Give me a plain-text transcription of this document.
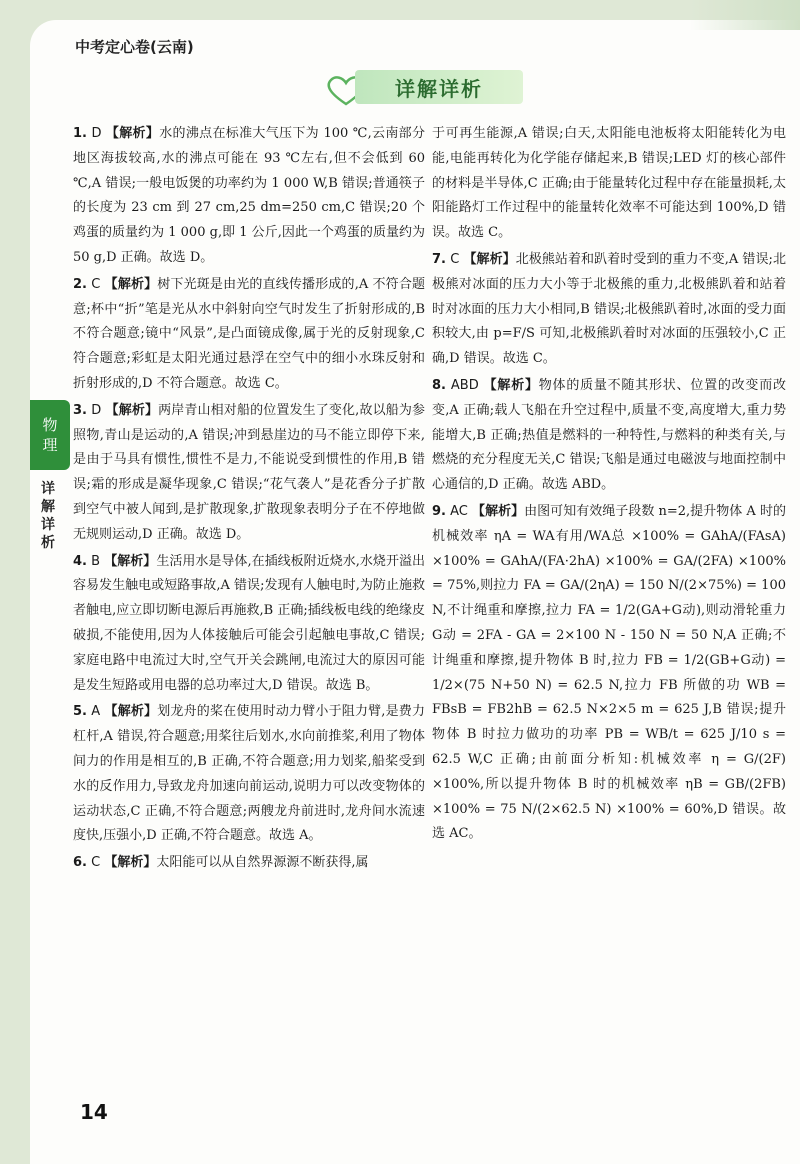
中考定心卷(云南)
详解详析
物
理
详解详析
1. D 【解析】水的沸点在标准大气压下为 100 ℃,云南部分地区海拔较高,水的沸点可能在 93 ℃左右,但不会低到 60 ℃,A 错误;一般电饭煲的功率约为 1 000 W,B 错误;普通筷子的长度为 23 cm 到 27 cm,25 dm=250 cm,C 错误;20 个鸡蛋的质量约为 1 000 g,即 1 公斤,因此一个鸡蛋的质量约为 50 g,D 正确。故选 D。
2. C 【解析】树下光斑是由光的直线传播形成的,A 不符合题意;杯中“折”笔是光从水中斜射向空气时发生了折射形成的,B 不符合题意;镜中“风景”,是凸面镜成像,属于光的反射现象,C 符合题意;彩虹是太阳光通过悬浮在空气中的细小水珠反射和折射形成的,D 不符合题意。故选 C。
3. D 【解析】两岸青山相对船的位置发生了变化,故以船为参照物,青山是运动的,A 错误;冲到悬崖边的马不能立即停下来,是由于马具有惯性,惯性不是力,不能说受到惯性的作用,B 错误;霜的形成是凝华现象,C 错误;“花气袭人”是花香分子扩散到空气中被人闻到,是扩散现象,扩散现象表明分子在不停地做无规则运动,D 正确。故选 D。
4. B 【解析】生活用水是导体,在插线板附近烧水,水烧开溢出容易发生触电或短路事故,A 错误;发现有人触电时,为防止施救者触电,应立即切断电源后再施救,B 正确;插线板电线的绝缘皮破损,不能使用,因为人体接触后可能会引起触电事故,C 错误;家庭电路中电流过大时,空气开关会跳闸,电流过大的原因可能是发生短路或用电器的总功率过大,D 错误。故选 B。
5. A 【解析】划龙舟的桨在使用时动力臂小于阻力臂,是费力杠杆,A 错误,符合题意;用桨往后划水,水向前推桨,利用了物体间力的作用是相互的,B 正确,不符合题意;用力划桨,船桨受到水的反作用力,导致龙舟加速向前运动,说明力可以改变物体的运动状态,C 正确,不符合题意;两艘龙舟前进时,龙舟间水流速度快,压强小,D 正确,不符合题意。故选 A。
6. C 【解析】太阳能可以从自然界源源不断获得,属
于可再生能源,A 错误;白天,太阳能电池板将太阳能转化为电能,电能再转化为化学能存储起来,B 错误;LED 灯的核心部件的材料是半导体,C 正确;由于能量转化过程中存在能量损耗,太阳能路灯工作过程中的能量转化效率不可能达到 100%,D 错误。故选 C。
7. C 【解析】北极熊站着和趴着时受到的重力不变,A 错误;北极熊对冰面的压力大小等于北极熊的重力,北极熊趴着和站着时对冰面的压力大小相同,B 错误;北极熊趴着时,冰面的受力面积较大,由 p=F/S 可知,北极熊趴着时对冰面的压强较小,C 正确,D 错误。故选 C。
8. ABD 【解析】物体的质量不随其形状、位置的改变而改变,A 正确;载人飞船在升空过程中,质量不变,高度增大,重力势能增大,B 正确;热值是燃料的一种特性,与燃料的种类有关,与燃烧的充分程度无关,C 错误;飞船是通过电磁波与地面控制中心通信的,D 正确。故选 ABD。
9. AC 【解析】由图可知有效绳子段数 n=2,提升物体 A 时的机械效率 ηA = WA有用/WA总 ×100% = GAhA/(FAsA) ×100% = GAhA/(FA·2hA) ×100% = GA/(2FA) ×100% = 75%,则拉力 FA = GA/(2ηA) = 150 N/(2×75%) = 100 N,不计绳重和摩擦,拉力 FA = 1/2(GA+G动),则动滑轮重力 G动 = 2FA - GA = 2×100 N - 150 N = 50 N,A 正确;不计绳重和摩擦,提升物体 B 时,拉力 FB = 1/2(GB+G动) = 1/2×(75 N+50 N) = 62.5 N,拉力 FB 所做的功 WB = FBsB = FB2hB = 62.5 N×2×5 m = 625 J,B 错误;提升物体 B 时拉力做功的功率 PB = WB/t = 625 J/10 s = 62.5 W,C 正确;由前面分析知:机械效率 η = G/(2F) ×100%,所以提升物体 B 时的机械效率 ηB = GB/(2FB) ×100% = 75 N/(2×62.5 N) ×100% = 60%,D 错误。故选 AC。
14
